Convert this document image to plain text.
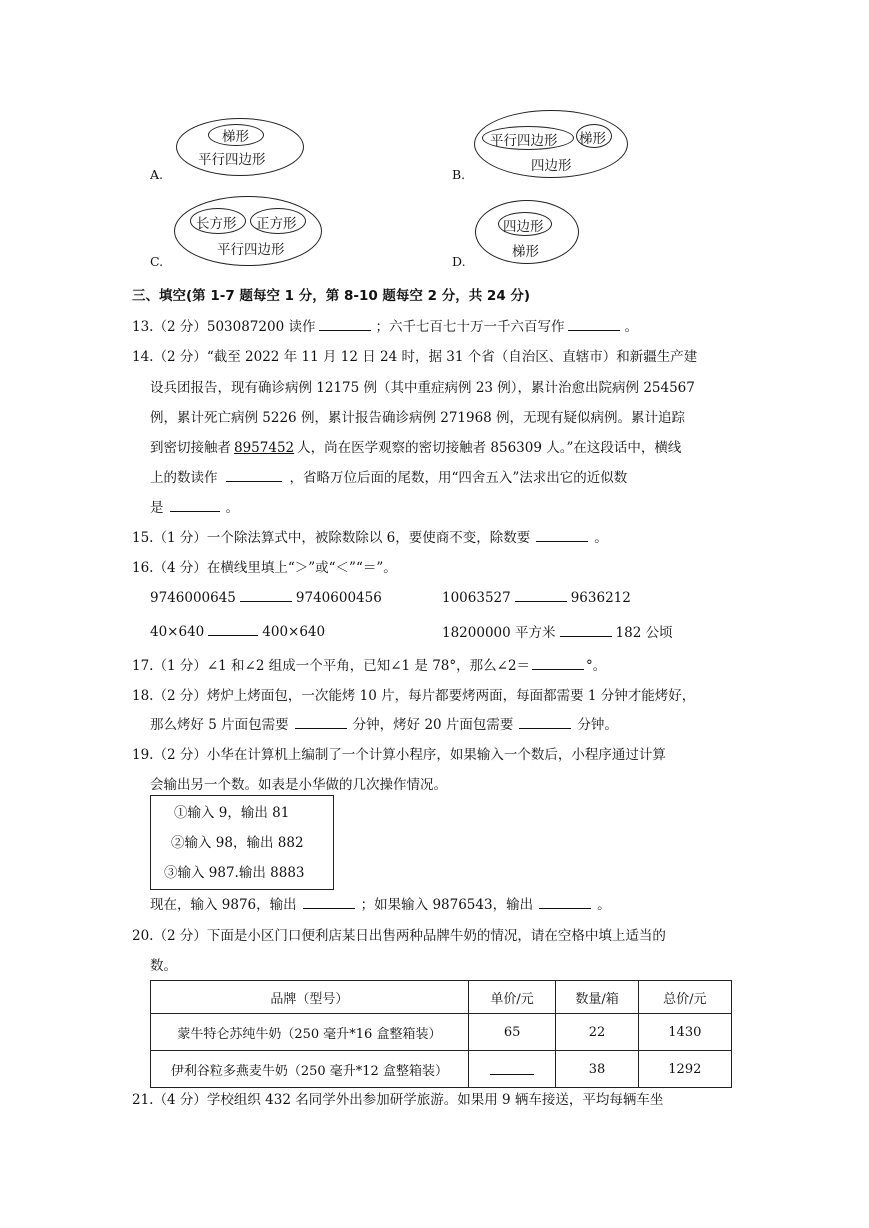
梯形
平行四边形
A.
平行四边形 梯形
四边形
B.
长方形 正方形
平行四边形
C.
四边形
梯形
D.
三、填空(第 1-7 题每空 1 分，第 8-10 题每空 2 分，共 24 分)
13.（2 分）503087200 读作	；六千七百七十万一千六百写作	。
14.（2 分）“截至 2022 年 11 月 12 日 24 时，据 31 个省（自治区、直辖市）和新疆生产建
设兵团报告，现有确诊病例 12175 例（其中重症病例 23 例），累计治愈出院病例 254567
例，累计死亡病例 5226 例，累计报告确诊病例 271968 例，无现有疑似病例。累计追踪
到密切接触者 8957452 人，尚在医学观察的密切接触者 856309 人。”在这段话中，横线
上的数读作	，省略万位后面的尾数，用“四舍五入”法求出它的近似数
是	。
15.（1 分）一个除法算式中，被除数除以 6，要使商不变，除数要	。
16.（4 分）在横线里填上“＞”或“＜”“＝”。
9746000645	9740600456	10063527	9636212
40×640	400×640	18200000 平方米	182 公顷
17.（1 分）∠1 和∠2 组成一个平角，已知∠1 是 78°，那么∠2＝	°。
18.（2 分）烤炉上烤面包，一次能烤 10 片，每片都要烤两面，每面都需要 1 分钟才能烤好，
那么烤好 5 片面包需要	分钟，烤好 20 片面包需要	分钟。
19.（2 分）小华在计算机上编制了一个计算小程序，如果输入一个数后，小程序通过计算
会输出另一个数。如表是小华做的几次操作情况。
①输入 9，输出 81
②输入 98，输出 882
③输入 987.输出 8883
现在，输入 9876，输出	；如果输入 9876543，输出	。
20.（2 分）下面是小区门口便利店某日出售两种品牌牛奶的情况，请在空格中填上适当的
数。
品牌（型号）	单价/元	数量/箱	总价/元
蒙牛特仑苏纯牛奶（250 毫升*16 盒整箱装）	65	22	1430
伊利谷粒多燕麦牛奶（250 毫升*12 盒整箱装）		38	1292
21.（4 分）学校组织 432 名同学外出参加研学旅游。如果用 9 辆车接送，平均每辆车坐
